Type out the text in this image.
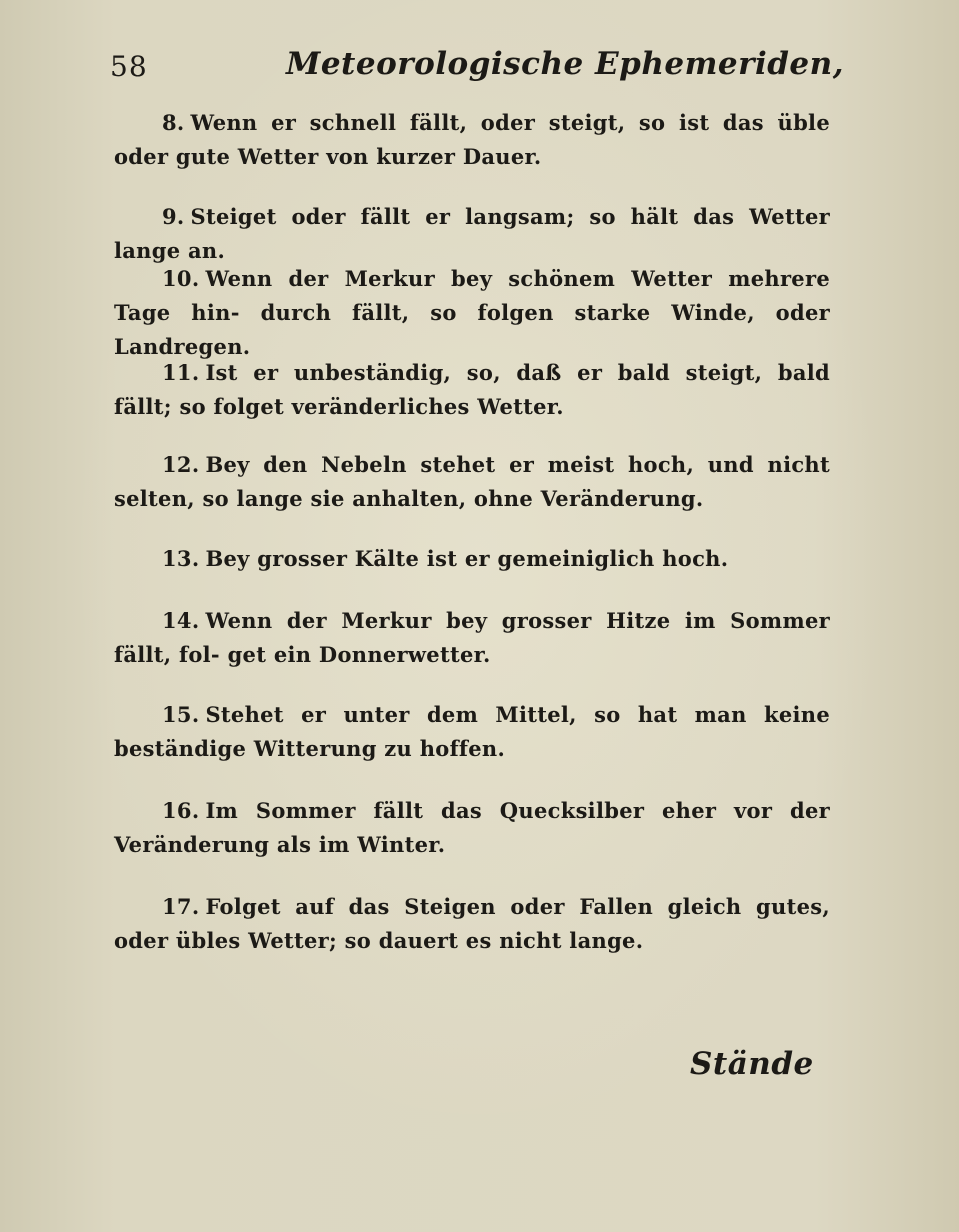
58	Meteorologische Ephemeriden,

8. Wenn er schnell fällt, oder steigt, so ist das üble oder gute Wetter von kurzer Dauer.

9. Steiget oder fällt er langsam; so hält das Wetter lange an.

10. Wenn der Merkur bey schönem Wetter mehrere Tage hin- durch fällt, so folgen starke Winde, oder Landregen.

11. Ist er unbeständig, so, daß er bald steigt, bald fällt; so folget veränderliches Wetter.

12. Bey den Nebeln stehet er meist hoch, und nicht selten, so lange sie anhalten, ohne Veränderung.

13. Bey grosser Kälte ist er gemeiniglich hoch.

14. Wenn der Merkur bey grosser Hitze im Sommer fällt, fol- get ein Donnerwetter.

15. Stehet er unter dem Mittel, so hat man keine beständige Witterung zu hoffen.

16. Im Sommer fällt das Quecksilber eher vor der Veränderung als im Winter.

17. Folget auf das Steigen oder Fallen gleich gutes, oder übles Wetter; so dauert es nicht lange.

Stände
